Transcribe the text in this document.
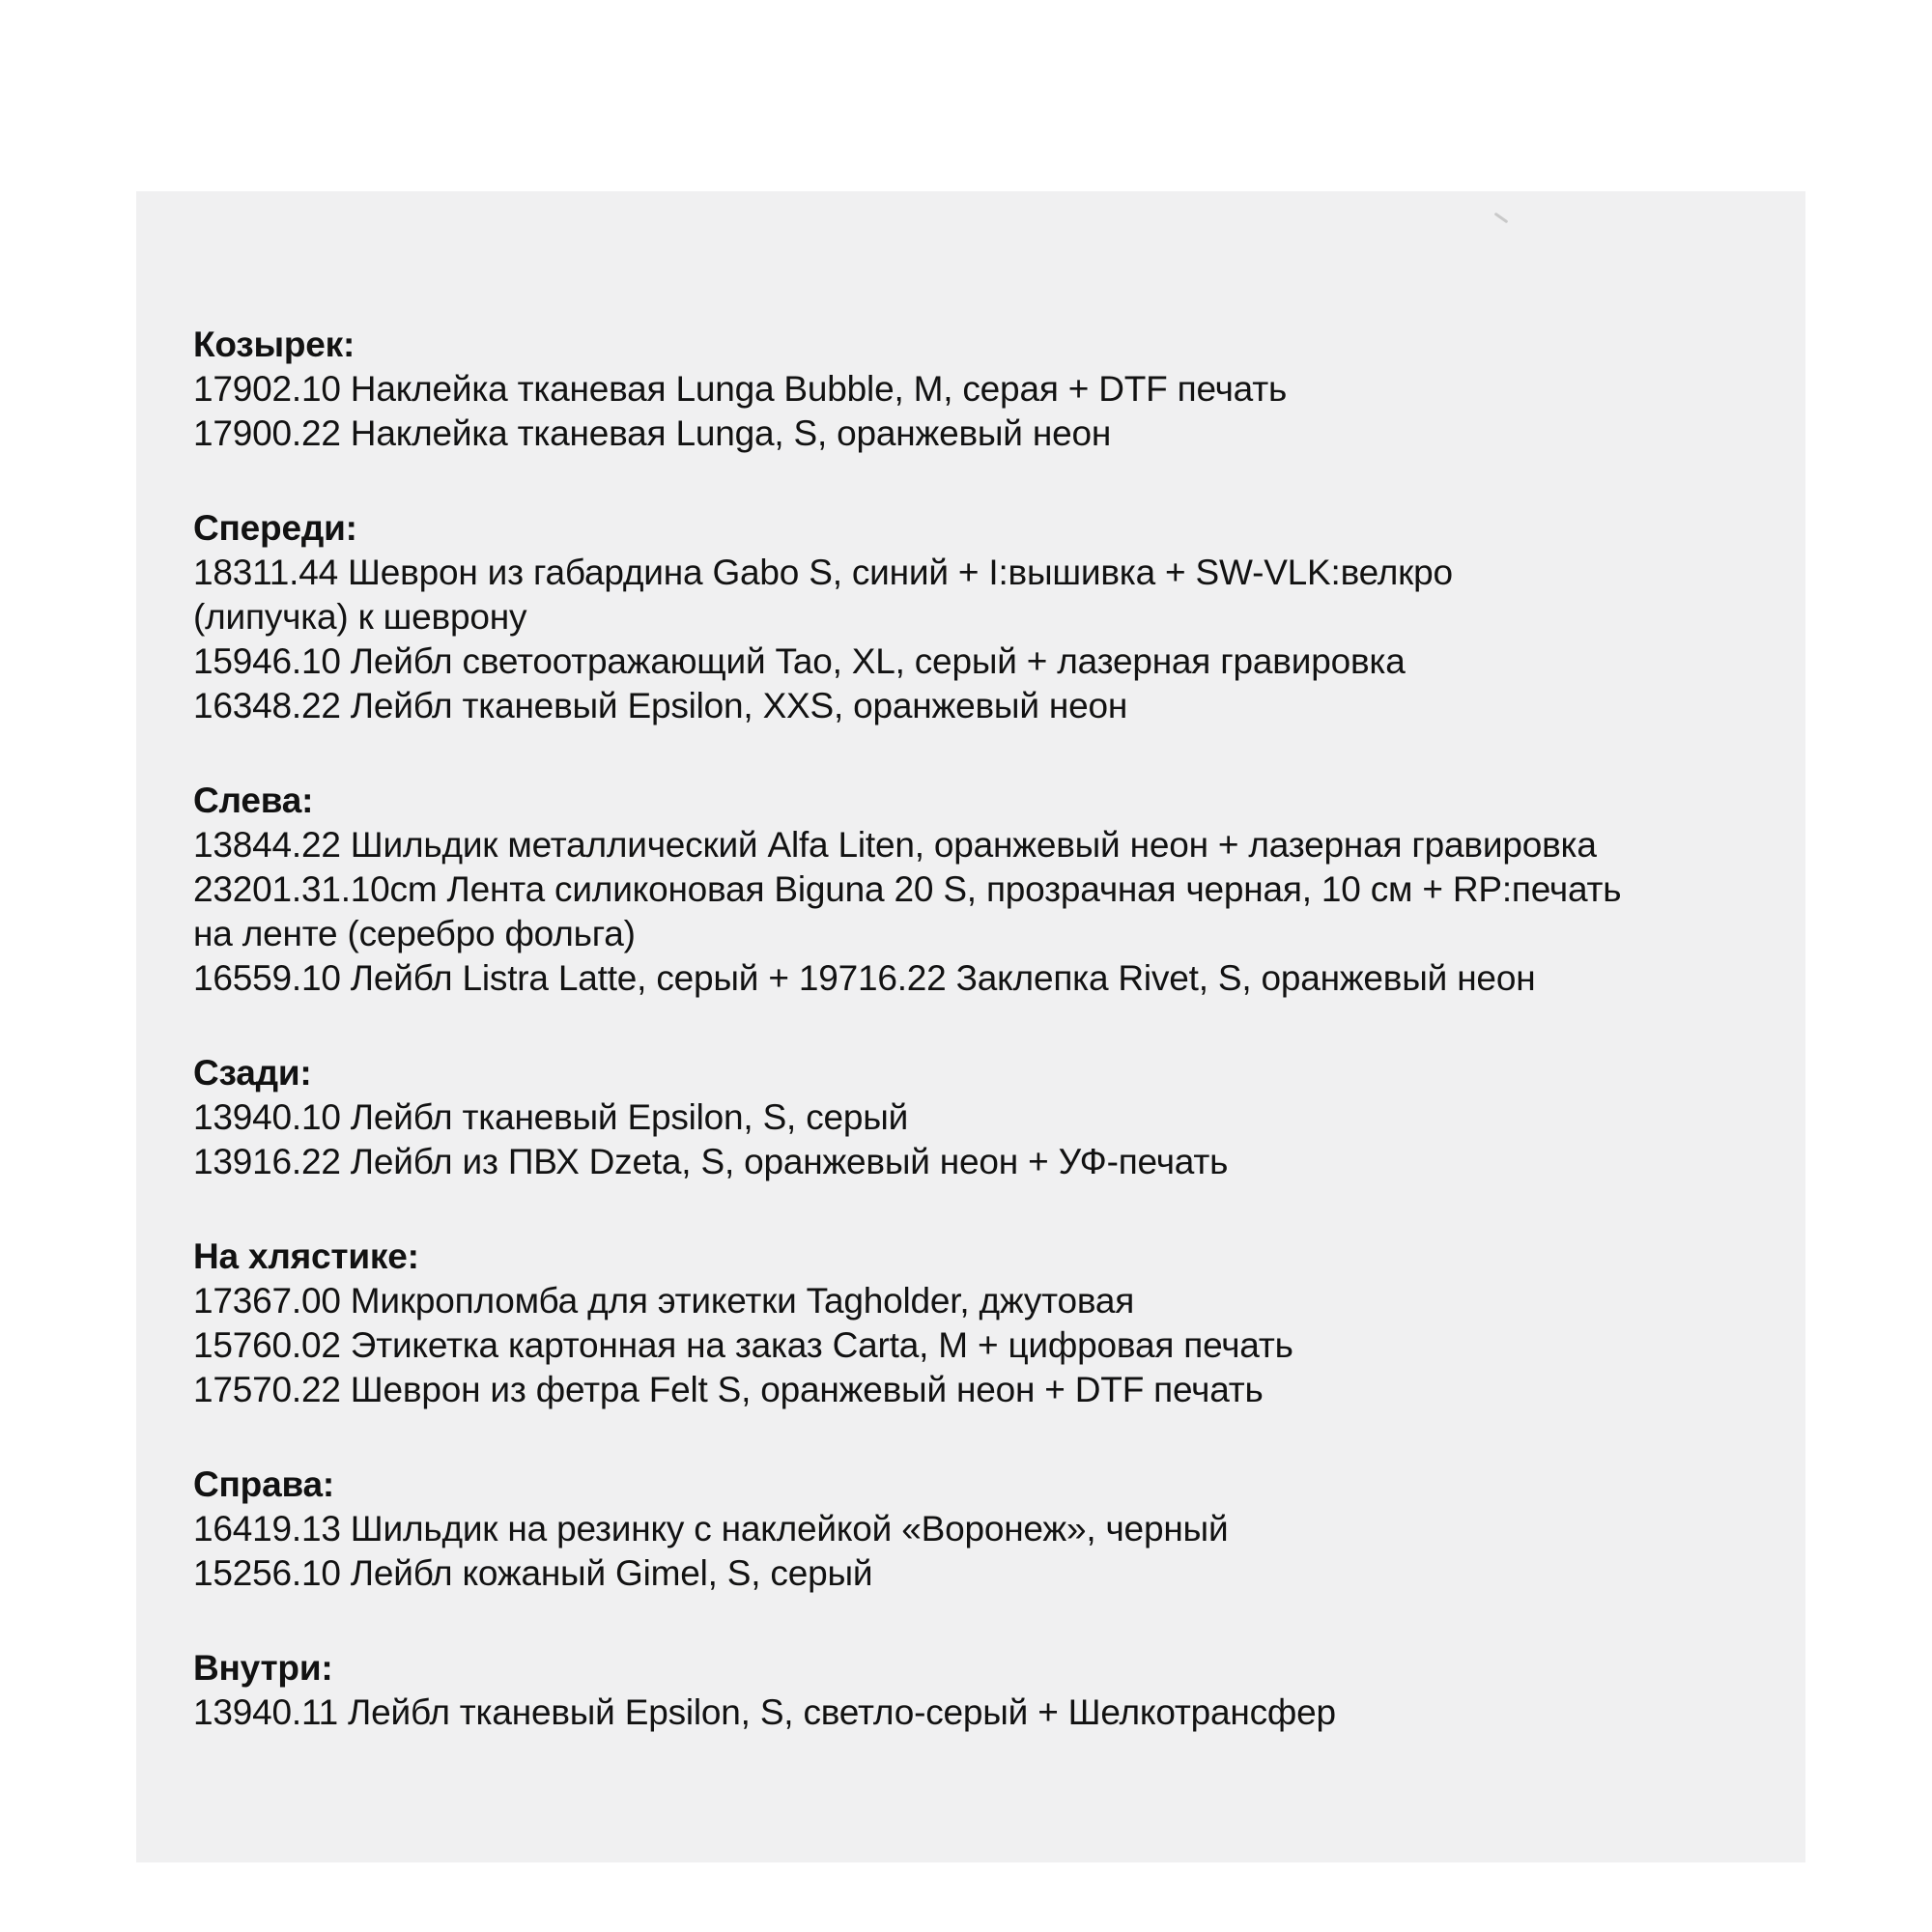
Козырек:

17902.10 Наклейка тканевая Lunga Bubble, M, серая + DTF печать

17900.22 Наклейка тканевая Lunga, S, оранжевый неон

Спереди:

18311.44 Шеврон из габардина Gabo S, синий + I:вышивка + SW-VLK:велкро

(липучка) к шеврону

15946.10 Лейбл светоотражающий Tao, XL, серый + лазерная гравировка

16348.22 Лейбл тканевый Epsilon, XXS, оранжевый неон

Слева:

13844.22 Шильдик металлический Alfa Liten, оранжевый неон + лазерная гравировка

23201.31.10cm Лента силиконовая Biguna 20 S, прозрачная черная, 10 см + RP:печать

на ленте (серебро фольга)

16559.10 Лейбл Listra Latte, серый + 19716.22 Заклепка Rivet, S, оранжевый неон

Сзади:

13940.10 Лейбл тканевый Epsilon, S, серый

13916.22 Лейбл из ПВХ Dzeta, S, оранжевый неон + УФ-печать

На хлястике:

17367.00 Микропломба для этикетки Tagholder, джутовая

15760.02 Этикетка картонная на заказ Carta, M + цифровая печать

17570.22 Шеврон из фетра Felt S, оранжевый неон + DTF печать

Справа:

16419.13 Шильдик на резинку с наклейкой «Воронеж», черный

15256.10 Лейбл кожаный Gimel, S, серый

Внутри:

13940.11 Лейбл тканевый Epsilon, S, светло-серый + Шелкотрансфер
